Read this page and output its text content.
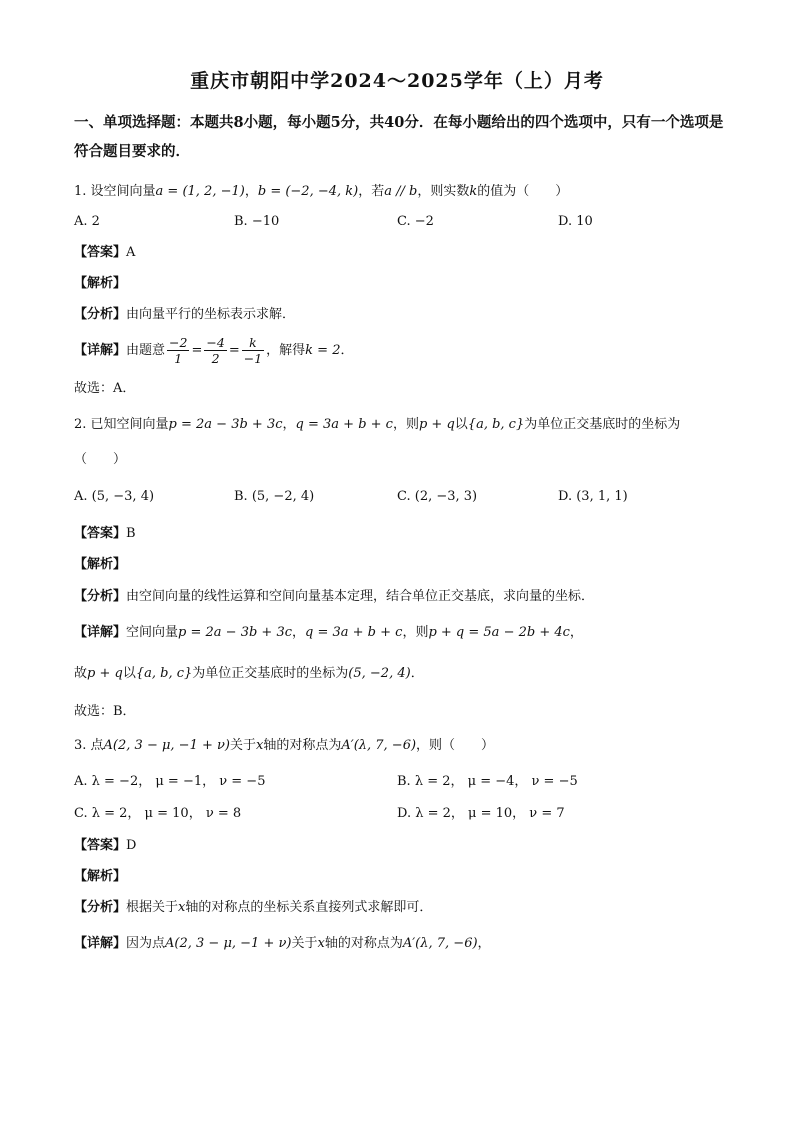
重庆市朝阳中学2024～2025学年（上）月考
一、单项选择题：本题共8小题，每小题5分，共40分．在每小题给出的四个选项中，只有一个选项是符合题目要求的．
1. 设空间向量a = (1, 2, −1)，b = (−2, −4, k)，若a // b，则实数k的值为（　　）
A. 2	B. −10	C. −2	D. 10
【答案】A
【解析】
【分析】由向量平行的坐标表示求解．
【详解】由题意 $\frac{-2}{1} = \frac{-4}{2} = \frac{k}{-1}$ ，解得k = 2．
故选：A．
2. 已知空间向量p = 2a − 3b + 3c，q = 3a + b + c，则p + q以{a, b, c}为单位正交基底时的坐标为
（　　）
A. (5, −3, 4)	B. (5, −2, 4)	C. (2, −3, 3)	D. (3, 1, 1)
【答案】B
【解析】
【分析】由空间向量的线性运算和空间向量基本定理，结合单位正交基底，求向量的坐标．
【详解】空间向量p = 2a − 3b + 3c，q = 3a + b + c，则p + q = 5a − 2b + 4c，
故p + q以{a, b, c}为单位正交基底时的坐标为(5, −2, 4)．
故选：B．
3. 点A(2, 3 − μ, −1 + ν)关于x轴的对称点为A′(λ, 7, −6)，则（　　）
A. λ = −2， μ = −1， ν = −5	B. λ = 2， μ = −4， ν = −5
C. λ = 2， μ = 10， ν = 8	D. λ = 2， μ = 10， ν = 7
【答案】D
【解析】
【分析】根据关于x轴的对称点的坐标关系直接列式求解即可．
【详解】因为点A(2, 3 − μ, −1 + ν)关于x轴的对称点为A′(λ, 7, −6)，
